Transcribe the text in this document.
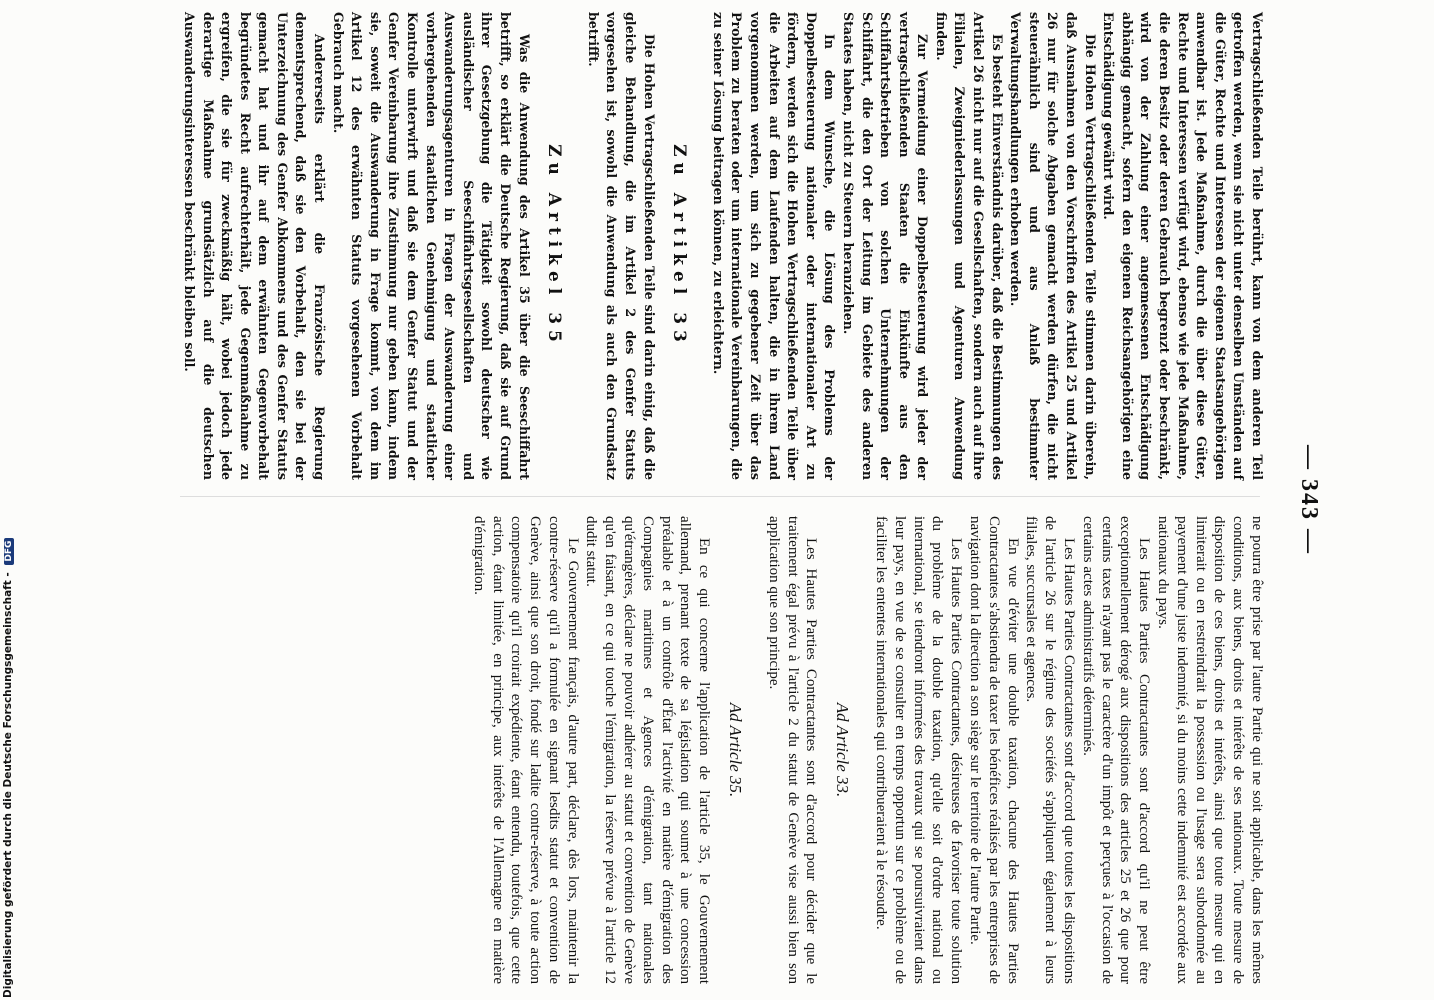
— 343 —

Vertragschließenden Teile berührt, kann von dem anderen Teil getroffen werden, wenn sie nicht unter denselben Umständen auf die Güter, Rechte und Interessen der eigenen Staatsangehörigen anwendbar ist. Jede Maßnahme, durch die über diese Güter, Rechte und Interessen verfügt wird, ebenso wie jede Maßnahme, die deren Besitz oder deren Gebrauch begrenzt oder beschränkt, wird von der Zahlung einer angemessenen Entschädigung abhängig gemacht, sofern den eigenen Reichsangehörigen eine Entschädigung gewährt wird.

Die Hohen Vertragschließenden Teile stimmen darin überein, daß Ausnahmen von den Vorschriften des Artikel 25 und Artikel 26 nur für solche Abgaben gemacht werden dürfen, die nicht steuerähnlich sind und aus Anlaß bestimmter Verwaltungshandlungen erhoben werden.

Es besteht Einverständnis darüber, daß die Bestimmungen des Artikel 26 nicht nur auf die Gesellschaften, sondern auch auf ihre Filialen, Zweigniederlassungen und Agenturen Anwendung finden.

Zur Vermeidung einer Doppelbesteuerung wird jeder der vertragschließenden Staaten die Einkünfte aus den Schiffahrtsbetrieben von solchen Unternehmungen der Schiffahrt, die den Ort der Leitung im Gebiete des anderen Staates haben, nicht zu Steuern heranziehen.

In dem Wunsche, die Lösung des Problems der Doppelbesteuerung nationaler oder internationaler Art zu fördern, werden sich die Hohen Vertragschließenden Teile über die Arbeiten auf dem Laufenden halten, die in ihrem Land vorgenommen werden, um sich zu gegebener Zeit über das Problem zu beraten oder um internationale Vereinbarungen, die zu seiner Lösung beitragen können, zu erleichtern.

Zu Artikel 33

Die Hohen Vertragschließenden Teile sind darin einig, daß die gleiche Behandlung, die im Artikel 2 des Genfer Statuts vorgesehen ist, sowohl die Anwendung als auch den Grundsatz betrifft.

Zu Artikel 35

Was die Anwendung des Artikel 35 über die Seeschiffahrt betrifft, so erklärt die Deutsche Regierung, daß sie auf Grund ihrer Gesetzgebung die Tätigkeit sowohl deutscher wie ausländischer Seeschiffahrtsgesellschaften und Auswanderungsagenturen in Fragen der Auswanderung einer vorhergehenden staatlichen Genehmigung und staatlicher Kontrolle unterwirft und daß sie dem Genfer Statut und der Genfer Vereinbarung ihre Zustimmung nur geben kann, indem sie, soweit die Auswanderung in Frage kommt, von dem im Artikel 12 des erwähnten Statuts vorgesehenen Vorbehalt Gebrauch macht.

Andererseits erklärt die Französische Regierung dementsprechend, daß sie den Vorbehalt, den sie bei der Unterzeichnung des Genfer Abkommens und des Genfer Statuts gemacht hat und ihr auf dem erwähnten Gegenvorbehalt begründetes Recht aufrechterhält, jede Gegenmaßnahme zu ergreifen, die sie für zweckmäßig hält, wobei jedoch jede derartige Maßnahme grundsätzlich auf die deutschen Auswanderungsinteressen beschränkt bleiben soll.

ne pourra être prise par l'autre Partie qui ne soit applicable, dans les mêmes conditions, aux biens, droits et intérêts de ses nationaux. Toute mesure de disposition de ces biens, droits et intérêts, ainsi que toute mesure qui en limiterait ou en restreindrait la possession ou l'usage sera subordonnée au payement d'une juste indemnité, si du moins cette indemnité est accordée aux nationaux du pays.

Les Hautes Parties Contractantes sont d'accord qu'il ne peut être exceptionnellement dérogé aux dispositions des articles 25 et 26 que pour certains taxes n'ayant pas le caractère d'un impôt et perçues à l'occasion de certains actes administratifs déterminés.

Les Hautes Parties Contractantes sont d'accord que toutes les dispositions de l'article 26 sur le régime des sociétés s'appliquent également à leurs filiales, succursales et agences.

En vue d'éviter une double taxation, chacune des Hautes Parties Contractantes s'abstiendra de taxer les bénéfices réalisés par les entreprises de navigation dont la direction a son siège sur le territoire de l'autre Partie.

Les Hautes Parties Contractantes, désireuses de favoriser toute solution du problème de la double taxation, qu'elle soit d'ordre national ou international, se tiendront informées des travaux qui se poursuivraient dans leur pays, en vue de se consulter en temps opportun sur ce problème ou de faciliter les ententes internationales qui contribueraient à le résoudre.

Ad Article 33.

Les Hautes Parties Contractantes sont d'accord pour décider que le traitement égal prévu à l'article 2 du statut de Genève vise aussi bien son application que son principe.

Ad Article 35.

En ce qui concerne l'application de l'article 35, le Gouvernement allemand, prenant texte de sa législation qui soumet à une concession préalable et à un contrôle d'État l'activité en matière d'émigration des Compagnies maritimes et Agences d'émigration, tant nationales qu'étrangères, déclare ne pouvoir adhérer au statut et convention de Genève qu'en faisant, en ce qui touche l'émigration, la réserve prévue à l'article 12 dudit statut.

Le Gouvernement français, d'autre part, déclare, dès lors, maintenir la contre-réserve qu'il a formulée en signant lesdits statut et convention de Genève, ainsi que son droit, fondé sur ladite contre-réserve, à toute action compensatoire qu'il croirait expédiente, étant entendu, toutefois, que cette action, étant limitée, en principe, aux intérêts de l'Allemagne en matière d'émigration.

Digitalisierung gefördert durch die Deutsche Forschungsgemeinschaft - DFG
